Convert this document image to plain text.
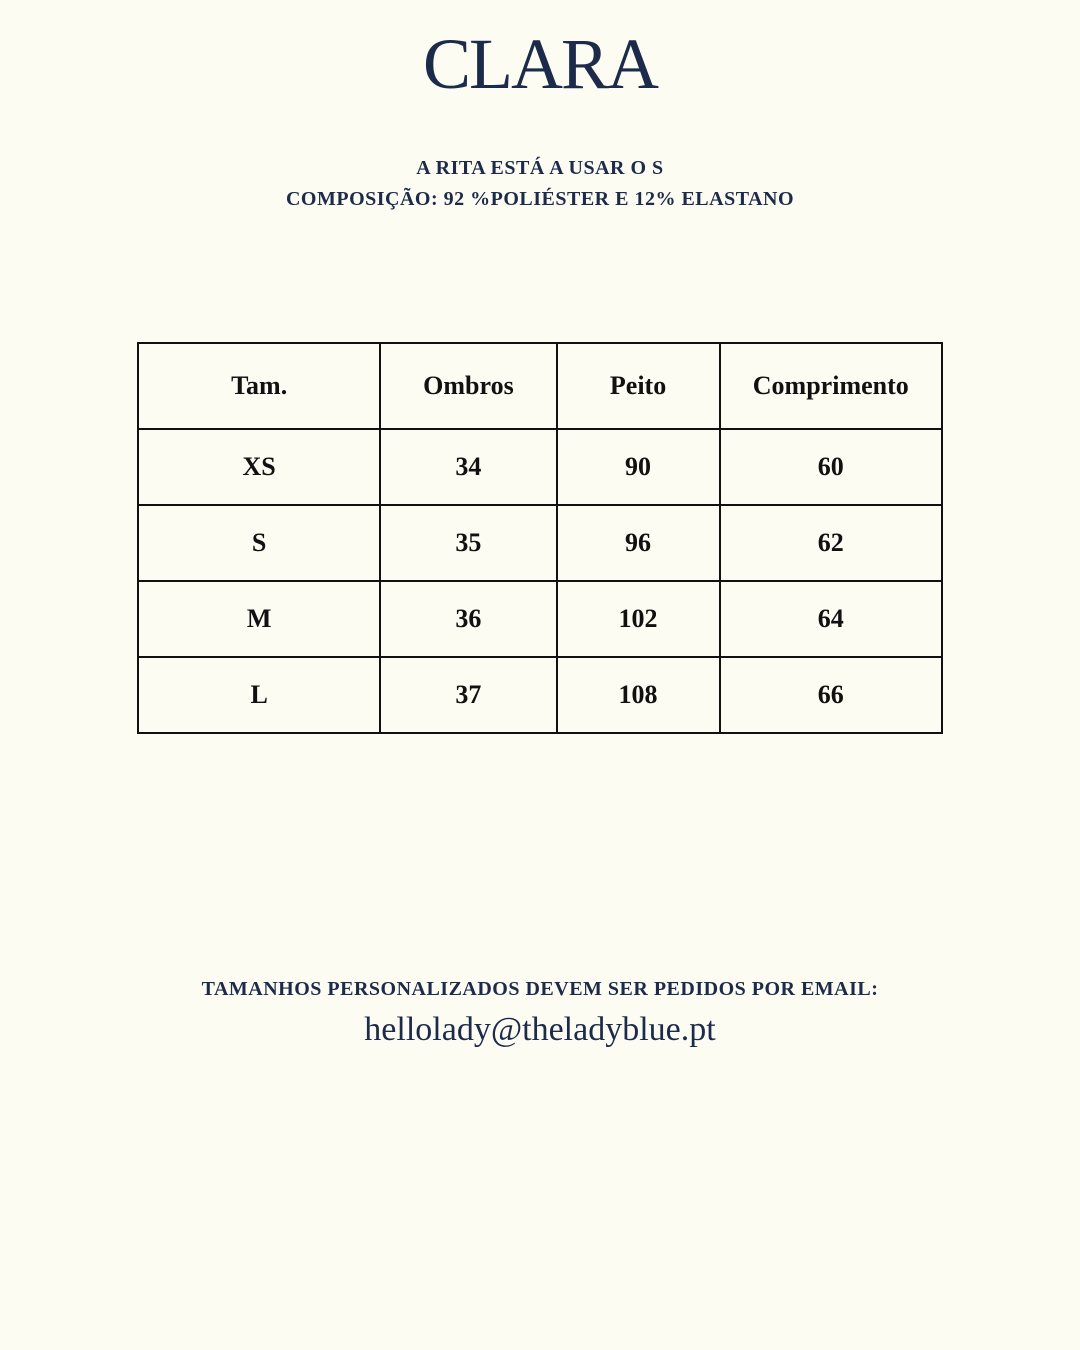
CLARA
A RITA ESTÁ A USAR O S
COMPOSIÇÃO: 92 %POLIÉSTER E 12% ELASTANO
Tam.	Ombros	Peito	Comprimento
XS	34	90	60
S	35	96	62
M	36	102	64
L	37	108	66
TAMANHOS PERSONALIZADOS DEVEM SER PEDIDOS POR EMAIL:
hellolady@theladyblue.pt
